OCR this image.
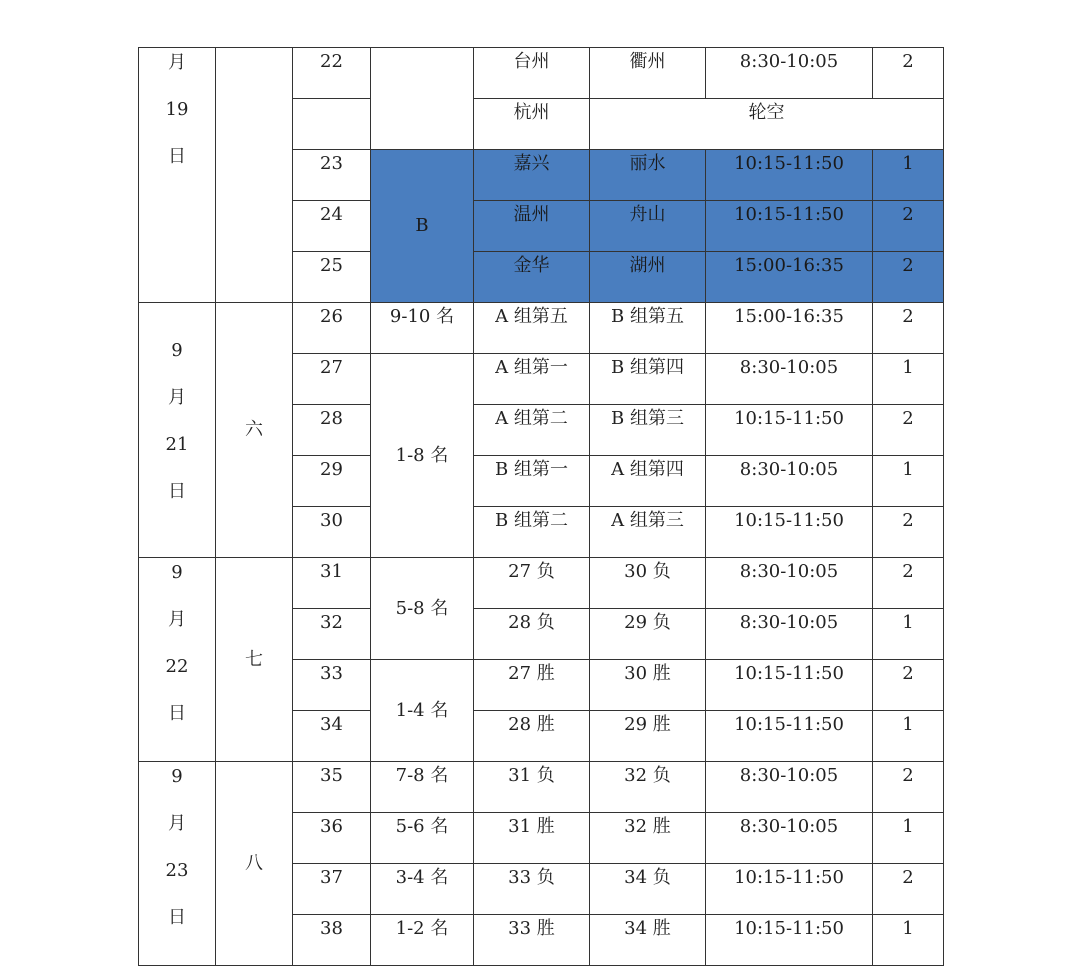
月
19
日		22		台州	衢州	8:30-10:05	2
				杭州	轮空		
		23	B	嘉兴	丽水	10:15-11:50	1
		24		温州	舟山	10:15-11:50	2
		25		金华	湖州	15:00-16:35	2

9
月
21
日	六	26	9-10 名	A 组第五	B 组第五	15:00-16:35	2
		27	1-8 名	A 组第一	B 组第四	8:30-10:05	1
		28		A 组第二	B 组第三	10:15-11:50	2
		29		B 组第一	A 组第四	8:30-10:05	1
		30		B 组第二	A 组第三	10:15-11:50	2

9
月
22
日	七	31	5-8 名	27 负	30 负	8:30-10:05	2
		32		28 负	29 负	8:30-10:05	1
		33	1-4 名	27 胜	30 胜	10:15-11:50	2
		34		28 胜	29 胜	10:15-11:50	1

9
月
23
日	八	35	7-8 名	31 负	32 负	8:30-10:05	2
		36	5-6 名	31 胜	32 胜	8:30-10:05	1
		37	3-4 名	33 负	34 负	10:15-11:50	2
		38	1-2 名	33 胜	34 胜	10:15-11:50	1
